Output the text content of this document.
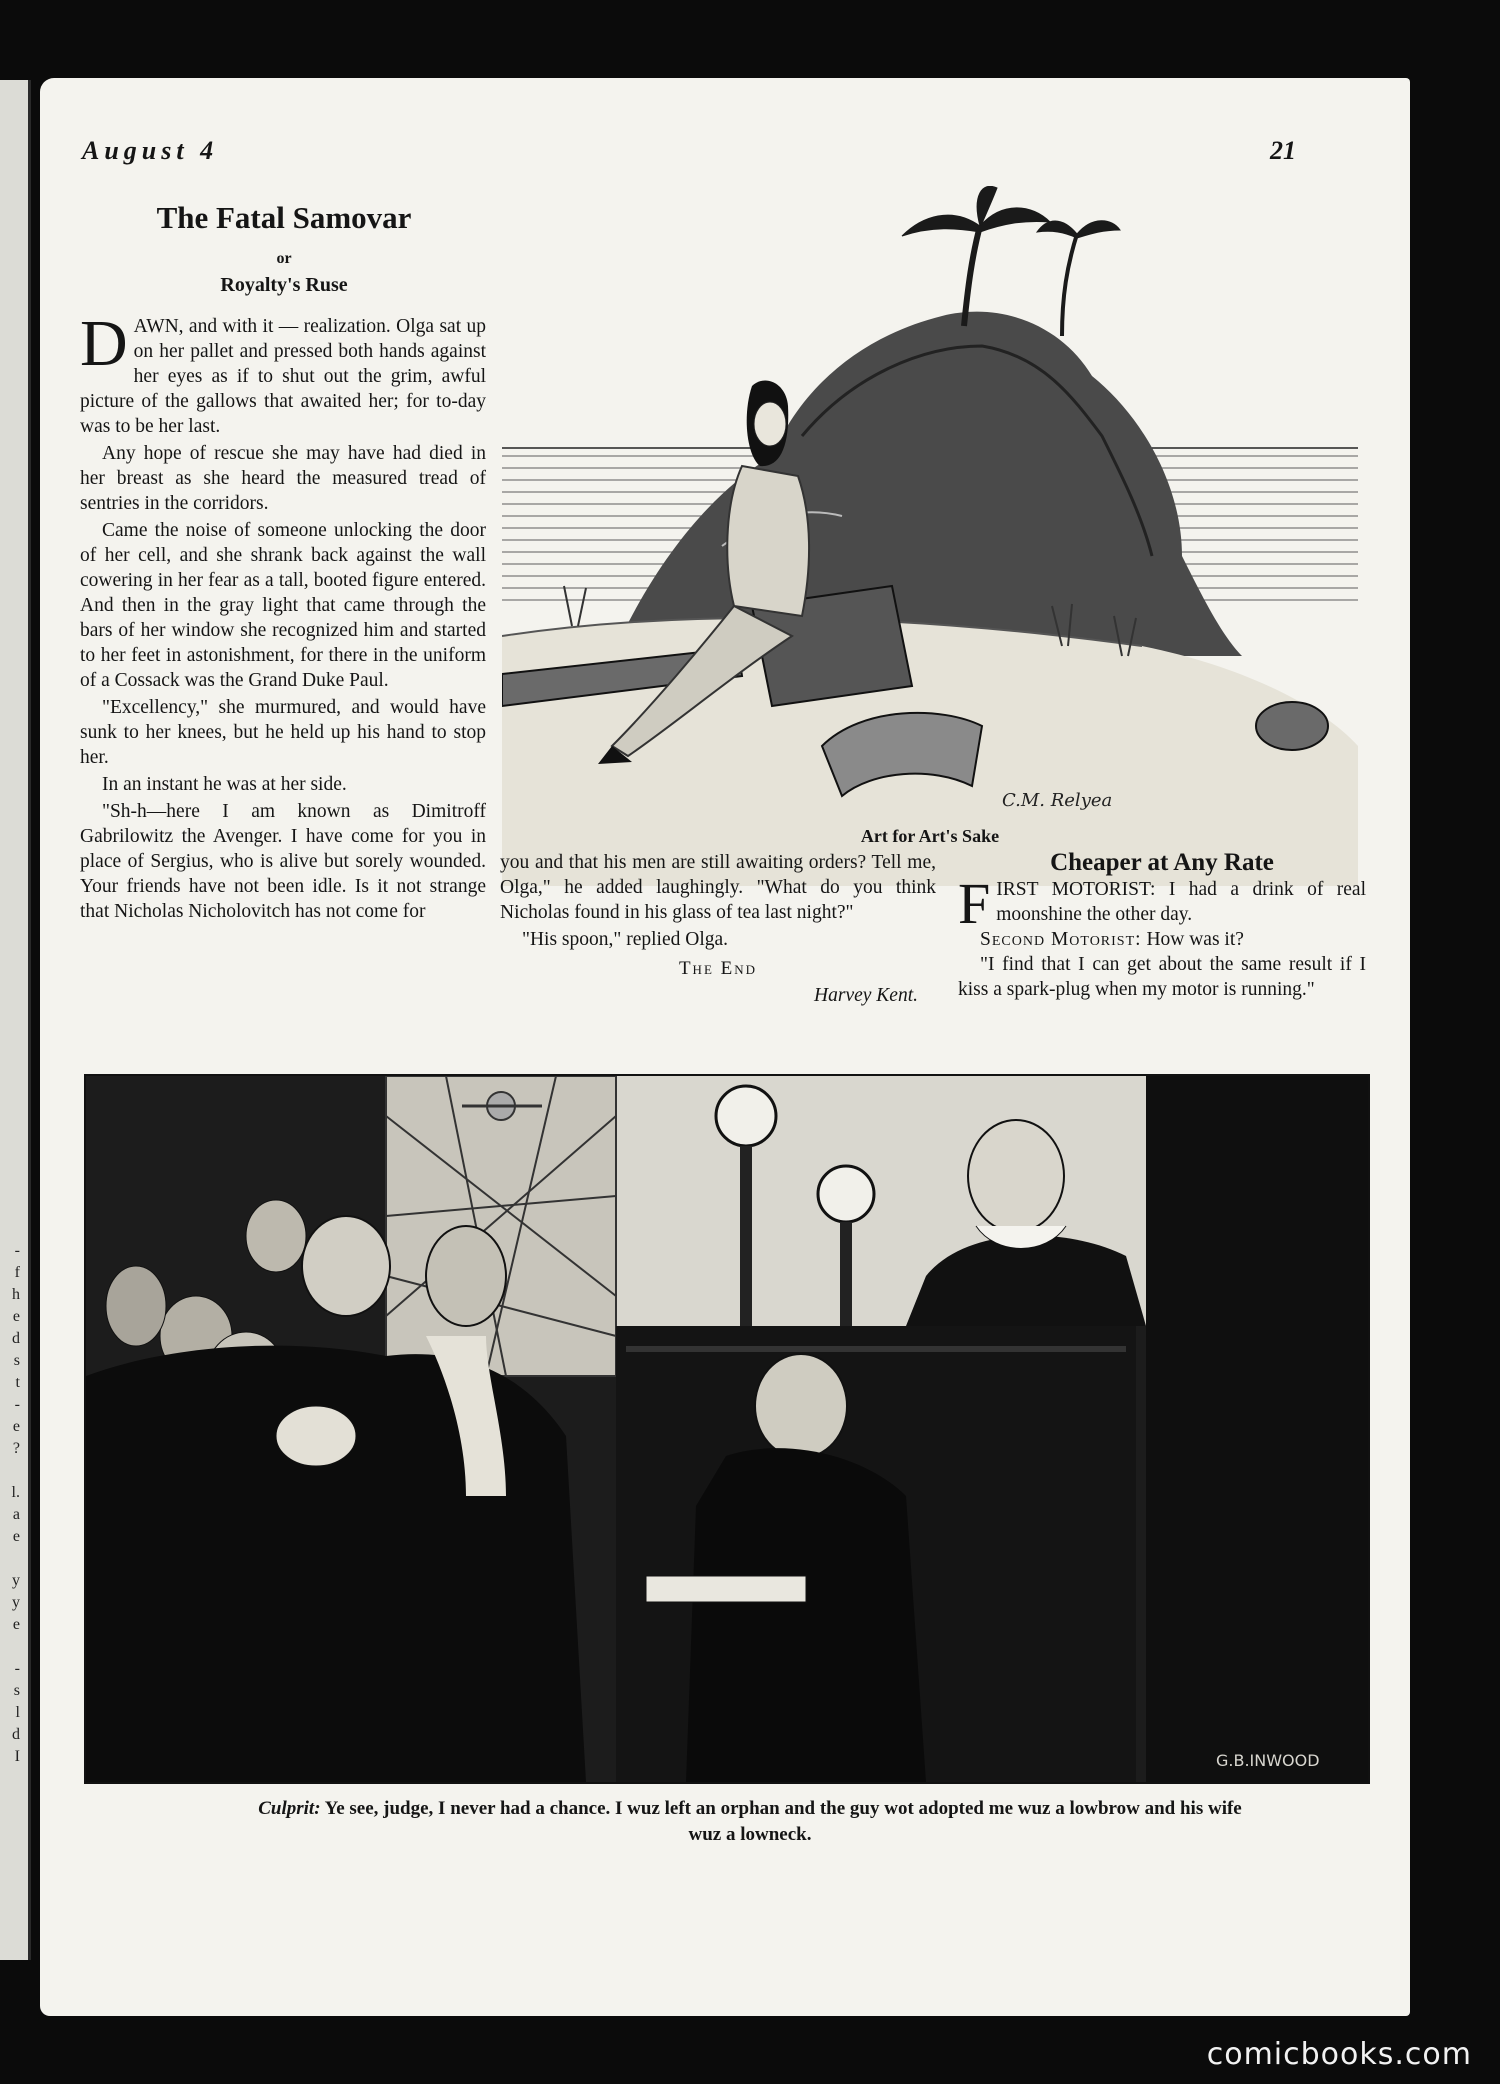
-
f
h
e
d
s
t
-
e
?

l.
a
e

y
y
e

-
s
l
d
I
August 4	21
The Fatal Samovar
or
Royalty's Ruse

DAWN, and with it — realization. Olga sat up on her pallet and pressed both hands against her eyes as if to shut out the grim, awful picture of the gallows that awaited her; for to-day was to be her last.

Any hope of rescue she may have had died in her breast as she heard the measured tread of sentries in the corridors.

Came the noise of someone unlocking the door of her cell, and she shrank back against the wall cowering in her fear as a tall, booted figure entered. And then in the gray light that came through the bars of her window she recognized him and started to her feet in astonishment, for there in the uniform of a Cossack was the Grand Duke Paul.

"Excellency," she murmured, and would have sunk to her knees, but he held up his hand to stop her.

In an instant he was at her side.

"Sh-h—here I am known as Dimitroff Gabrilowitz the Avenger. I have come for you in place of Sergius, who is alive but sorely wounded. Your friends have not been idle. Is it not strange that Nicholas Nicholovitch has not come for

C.M. Relyea
Art for Art's Sake

you and that his men are still awaiting orders? Tell me, Olga," he added laughingly. "What do you think Nicholas found in his glass of tea last night?"

"His spoon," replied Olga.

The End
Harvey Kent.
Cheaper at Any Rate

FIRST MOTORIST: I had a drink of real moonshine the other day.

Second Motorist: How was it?

"I find that I can get about the same result if I kiss a spark-plug when my motor is running."

G.B.INWOOD
Culprit: Ye see, judge, I never had a chance. I wuz left an orphan and the guy wot adopted me wuz a lowbrow and his wife wuz a lowneck.
comicbooks.com
